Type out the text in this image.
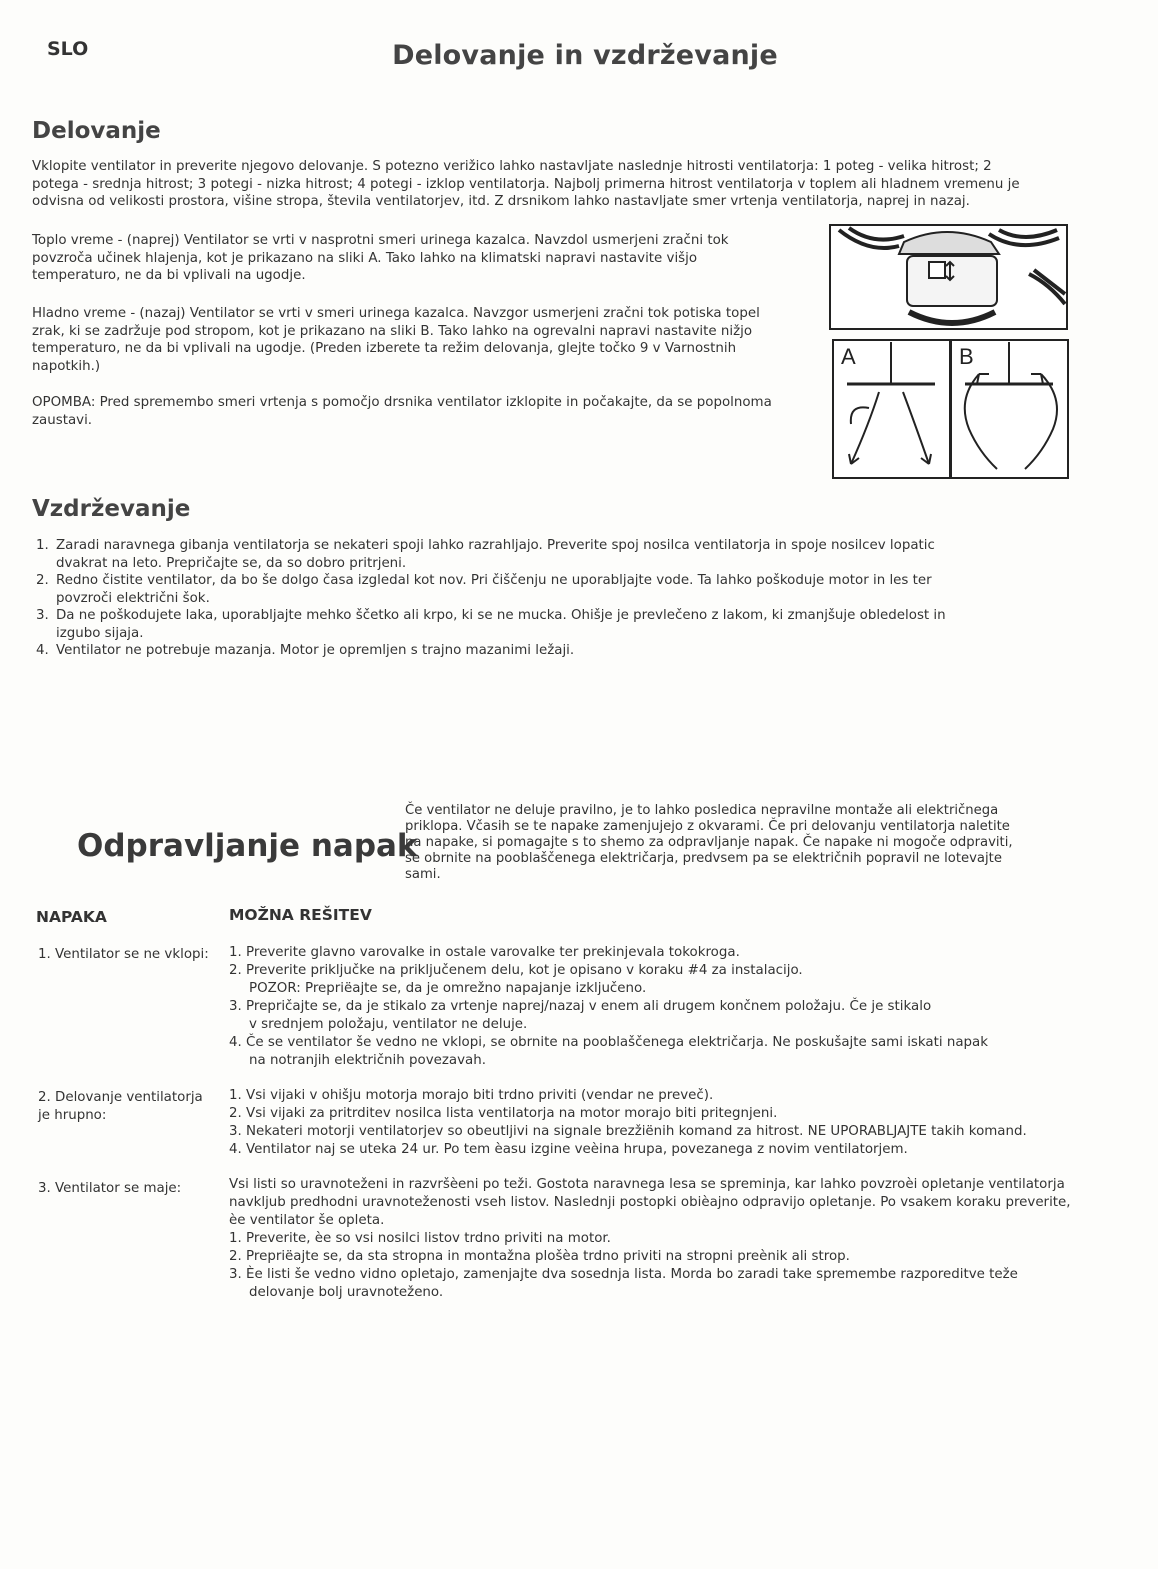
SLO	Delovanje in vzdrževanje
Delovanje

Vklopite ventilator in preverite njegovo delovanje. S potezno verižico lahko nastavljate naslednje hitrosti ventilatorja: 1 poteg - velika hitrost; 2 potega - srednja hitrost; 3 potegi - nizka hitrost; 4 potegi - izklop ventilatorja. Najbolj primerna hitrost ventilatorja v toplem ali hladnem vremenu je odvisna od velikosti prostora, višine stropa, števila ventilatorjev, itd. Z drsnikom lahko nastavljate smer vrtenja ventilatorja, naprej in nazaj.

Toplo vreme - (naprej) Ventilator se vrti v nasprotni smeri urinega kazalca. Navzdol usmerjeni zračni tok povzroča učinek hlajenja, kot je prikazano na sliki A. Tako lahko na klimatski napravi nastavite višjo temperaturo, ne da bi vplivali na ugodje.

Hladno vreme - (nazaj) Ventilator se vrti v smeri urinega kazalca. Navzgor usmerjeni zračni tok potiska topel zrak, ki se zadržuje pod stropom, kot je prikazano na sliki B. Tako lahko na ogrevalni napravi nastavite nižjo temperaturo, ne da bi vplivali na ugodje. (Preden izberete ta režim delovanja, glejte točko 9 v Varnostnih napotkih.)

OPOMBA: Pred spremembo smeri vrtenja s pomočjo drsnika ventilator izklopite in počakajte, da se popolnoma zaustavi.

A	B
Vzdrževanje
1. Zaradi naravnega gibanja ventilatorja se nekateri spoji lahko razrahljajo. Preverite spoj nosilca ventilatorja in spoje nosilcev lopatic dvakrat na leto. Prepričajte se, da so dobro pritrjeni.
2. Redno čistite ventilator, da bo še dolgo časa izgledal kot nov. Pri čiščenju ne uporabljajte vode. Ta lahko poškoduje motor in les ter povzroči električni šok.
3. Da ne poškodujete laka, uporabljajte mehko ščetko ali krpo, ki se ne mucka. Ohišje je prevlečeno z lakom, ki zmanjšuje obledelost in izgubo sijaja.
4. Ventilator ne potrebuje mazanja. Motor je opremljen s trajno mazanimi ležaji.
Odpravljanje napak
Če ventilator ne deluje pravilno, je to lahko posledica nepravilne montaže ali električnega priklopa. Včasih se te napake zamenjujejo z okvarami. Če pri delovanju ventilatorja naletite na napake, si pomagajte s to shemo za odpravljanje napak. Če napake ni mogoče odpraviti, se obrnite na pooblaščenega električarja, predvsem pa se električnih popravil ne lotevajte sami.
NAPAKA	MOŽNA REŠITEV
1. Ventilator se ne vklopi:	1. Preverite glavno varovalke in ostale varovalke ter prekinjevala tokokroga.
2. Preverite priključke na priključenem delu, kot je opisano v koraku #4 za instalacijo.
POZOR: Prepriëajte se, da je omrežno napajanje izključeno.
3. Prepričajte se, da je stikalo za vrtenje naprej/nazaj v enem ali drugem končnem položaju. Če je stikalo
v srednjem položaju, ventilator ne deluje.
4. Če se ventilator še vedno ne vklopi, se obrnite na pooblaščenega električarja. Ne poskušajte sami iskati napak
na notranjih električnih povezavah.
2. Delovanje ventilatorja je hrupno:
1. Vsi vijaki v ohišju motorja morajo biti trdno priviti (vendar ne preveč).
2. Vsi vijaki za pritrditev nosilca lista ventilatorja na motor morajo biti pritegnjeni.
3. Nekateri motorji ventilatorjev so obeutljivi na signale brezžiënih komand za hitrost. NE UPORABLJAJTE takih komand.
4. Ventilator naj se uteka 24 ur. Po tem èasu izgine veèina hrupa, povezanega z novim ventilatorjem.
3. Ventilator se maje:	Vsi listi so uravnoteženi in razvršèeni po teži. Gostota naravnega lesa se spreminja, kar lahko povzroèi opletanje ventilatorja
navkljub predhodni uravnoteženosti vseh listov. Naslednji postopki obièajno odpravijo opletanje. Po vsakem koraku preverite,
èe ventilator še opleta.
1. Preverite, èe so vsi nosilci listov trdno priviti na motor.
2. Prepriëajte se, da sta stropna in montažna plošèa trdno priviti na stropni preènik ali strop.
3. Èe listi še vedno vidno opletajo, zamenjajte dva sosednja lista. Morda bo zaradi take spremembe razporeditve teže
delovanje bolj uravnoteženo.
